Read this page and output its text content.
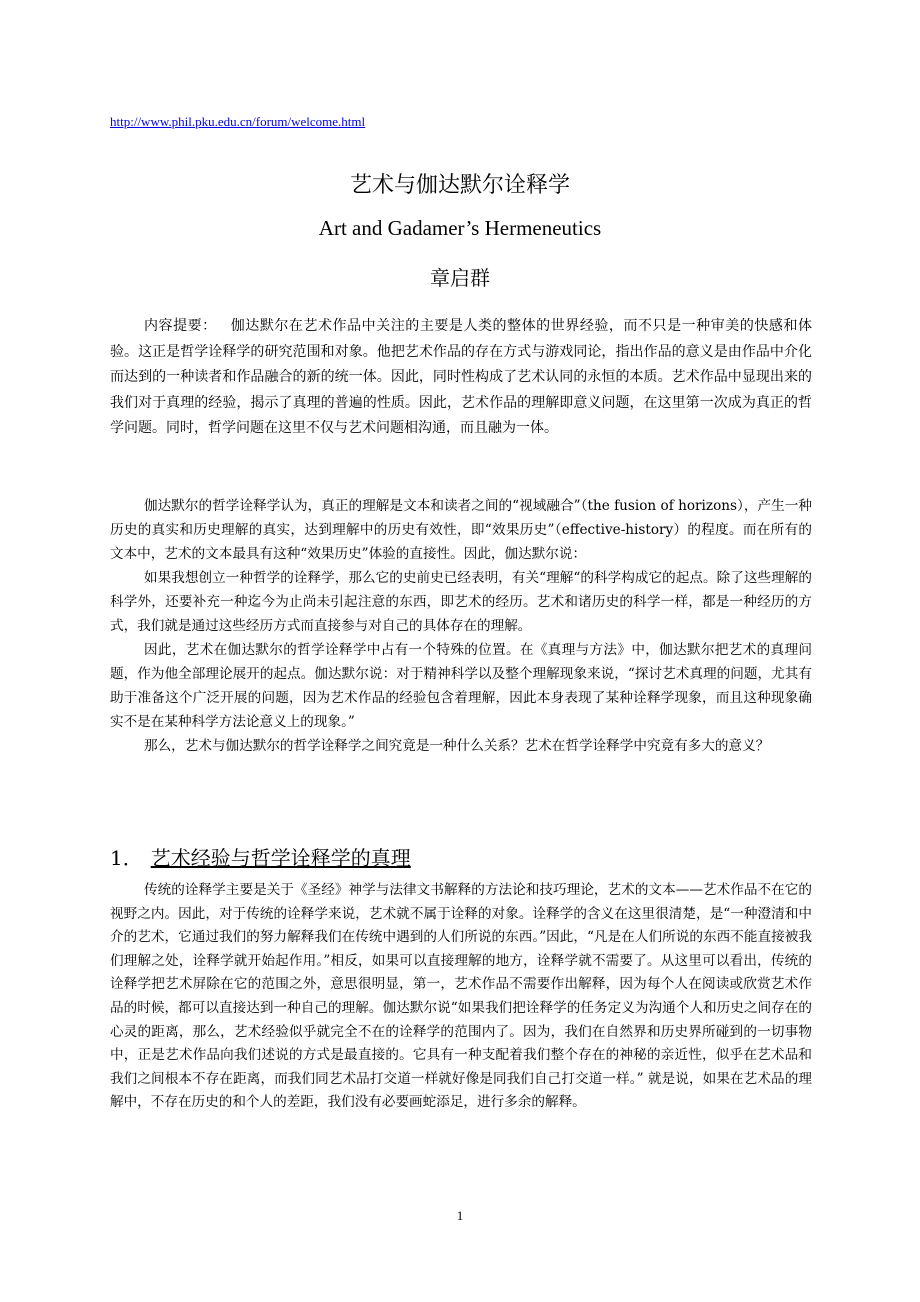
http://www.phil.pku.edu.cn/forum/welcome.html
艺术与伽达默尔诠释学
Art and Gadamer’s Hermeneutics
章启群
内容提要： 伽达默尔在艺术作品中关注的主要是人类的整体的世界经验，而不只是一种审美的快感和体验。这正是哲学诠释学的研究范围和对象。他把艺术作品的存在方式与游戏同论，指出作品的意义是由作品中介化而达到的一种读者和作品融合的新的统一体。因此，同时性构成了艺术认同的永恒的本质。艺术作品中显现出来的我们对于真理的经验，揭示了真理的普遍的性质。因此，艺术作品的理解即意义问题，在这里第一次成为真正的哲学问题。同时，哲学问题在这里不仅与艺术问题相沟通，而且融为一体。

伽达默尔的哲学诠释学认为，真正的理解是文本和读者之间的“视域融合”（the fusion of horizons），产生一种历史的真实和历史理解的真实，达到理解中的历史有效性，即“效果历史”（effective-history）的程度。而在所有的文本中，艺术的文本最具有这种“效果历史”体验的直接性。因此，伽达默尔说：

如果我想创立一种哲学的诠释学，那么它的史前史已经表明，有关“理解“的科学构成它的起点。除了这些理解的科学外，还要补充一种迄今为止尚未引起注意的东西，即艺术的经历。艺术和诸历史的科学一样，都是一种经历的方式，我们就是通过这些经历方式而直接参与对自己的具体存在的理解。

因此，艺术在伽达默尔的哲学诠释学中占有一个特殊的位置。在《真理与方法》中，伽达默尔把艺术的真理问题，作为他全部理论展开的起点。伽达默尔说：对于精神科学以及整个理解现象来说，“探讨艺术真理的问题，尤其有助于准备这个广泛开展的问题，因为艺术作品的经验包含着理解，因此本身表现了某种诠释学现象，而且这种现象确实不是在某种科学方法论意义上的现象。”

那么，艺术与伽达默尔的哲学诠释学之间究竟是一种什么关系？艺术在哲学诠释学中究竟有多大的意义？

1． 艺术经验与哲学诠释学的真理

传统的诠释学主要是关于《圣经》神学与法律文书解释的方法论和技巧理论，艺术的文本——艺术作品不在它的视野之内。因此，对于传统的诠释学来说，艺术就不属于诠释的对象。诠释学的含义在这里很清楚，是“一种澄清和中介的艺术，它通过我们的努力解释我们在传统中遇到的人们所说的东西。”因此，“凡是在人们所说的东西不能直接被我们理解之处，诠释学就开始起作用。”相反，如果可以直接理解的地方，诠释学就不需要了。从这里可以看出，传统的诠释学把艺术屏除在它的范围之外，意思很明显，第一，艺术作品不需要作出解释，因为每个人在阅读或欣赏艺术作品的时候，都可以直接达到一种自己的理解。伽达默尔说“如果我们把诠释学的任务定义为沟通个人和历史之间存在的心灵的距离，那么，艺术经验似乎就完全不在的诠释学的范围内了。因为，我们在自然界和历史界所碰到的一切事物中，正是艺术作品向我们述说的方式是最直接的。它具有一种支配着我们整个存在的神秘的亲近性，似乎在艺术品和我们之间根本不存在距离，而我们同艺术品打交道一样就好像是同我们自己打交道一样。” 就是说，如果在艺术品的理解中，不存在历史的和个人的差距，我们没有必要画蛇添足，进行多余的解释。

1
